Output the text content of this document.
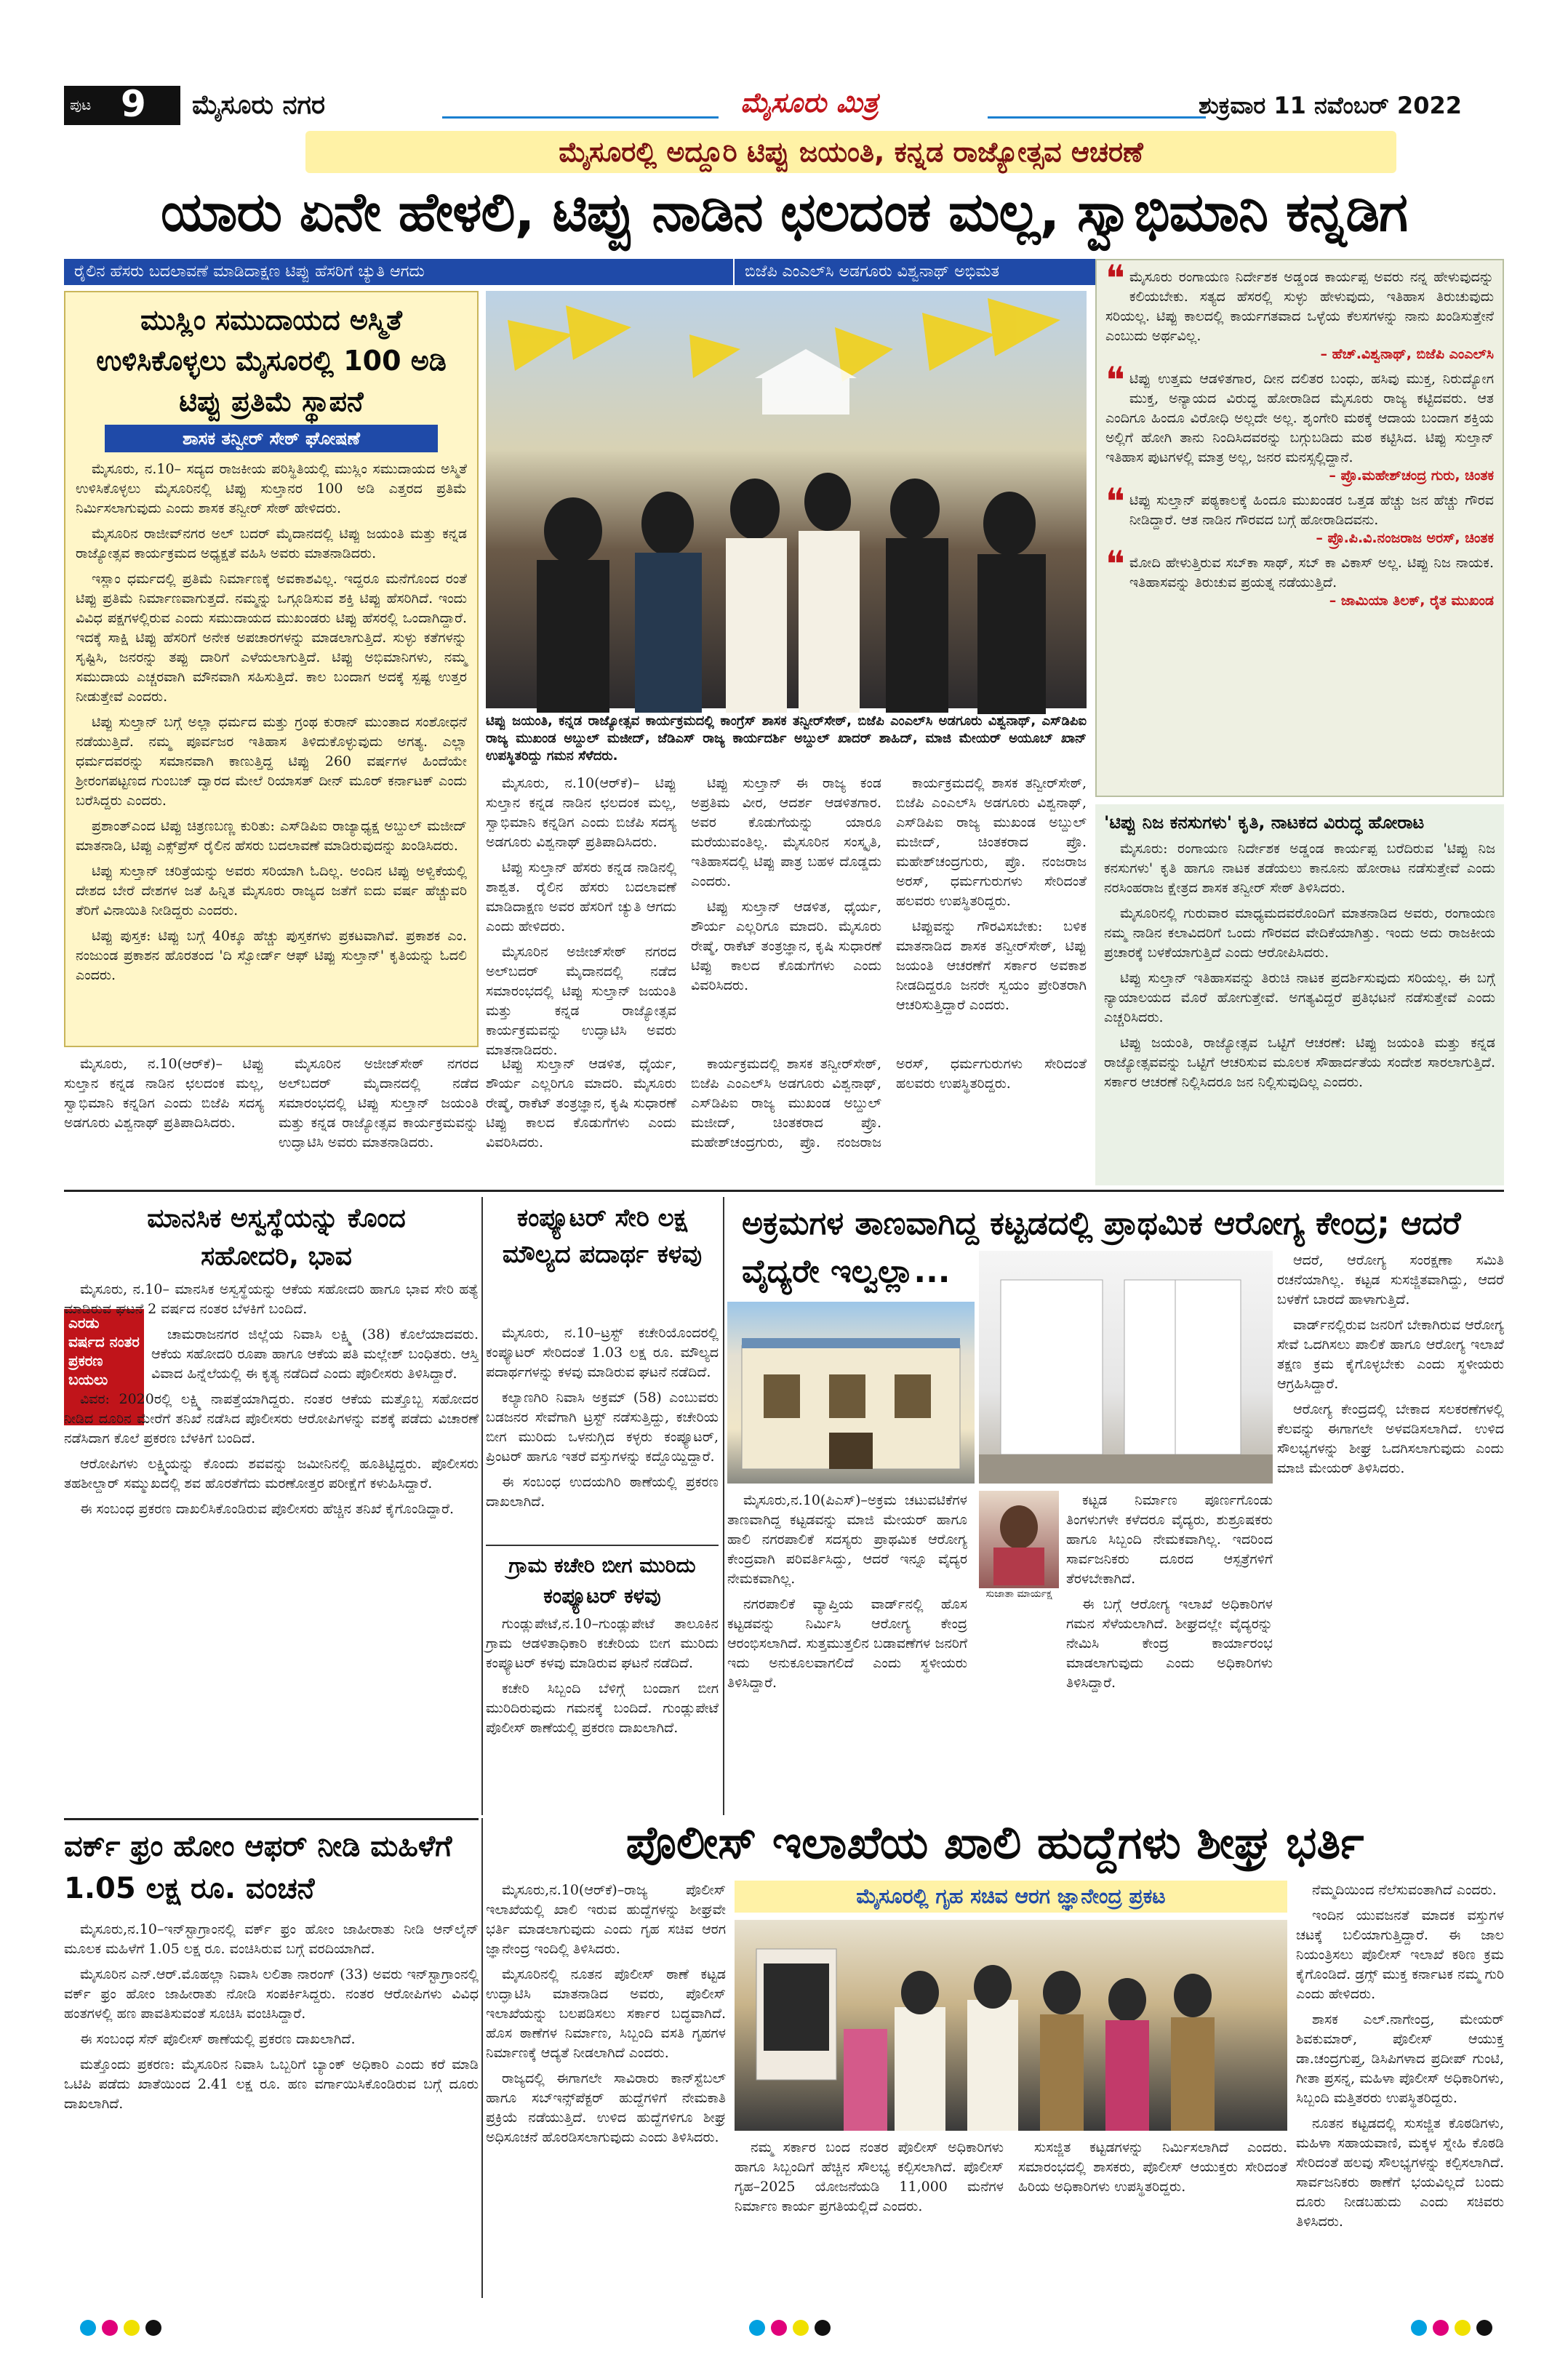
ಪುಟ 9 ಮೈಸೂರು ನಗರ	ಮೈಸೂರು ಮಿತ್ರ	ಶುಕ್ರವಾರ 11 ನವೆಂಬರ್ 2022
ಮೈಸೂರಲ್ಲಿ ಅದ್ದೂರಿ ಟಿಪ್ಪು ಜಯಂತಿ, ಕನ್ನಡ ರಾಜ್ಯೋತ್ಸವ ಆಚರಣೆ
ಯಾರು ಏನೇ ಹೇಳಲಿ, ಟಿಪ್ಪು ನಾಡಿನ ಛಲದಂಕ ಮಲ್ಲ, ಸ್ವಾಭಿಮಾನಿ ಕನ್ನಡಿಗ
ರೈಲಿನ ಹೆಸರು ಬದಲಾವಣೆ ಮಾಡಿದಾಕ್ಷಣ ಟಿಪ್ಪು ಹೆಸರಿಗೆ ಚ್ಯುತಿ ಆಗದು	ಬಿಜೆಪಿ ಎಂಎಲ್‌ಸಿ ಅಡಗೂರು ವಿಶ್ವನಾಥ್ ಅಭಿಮತ
ಮುಸ್ಲಿಂ ಸಮುದಾಯದ ಅಸ್ಮಿತೆ ಉಳಿಸಿಕೊಳ್ಳಲು ಮೈಸೂರಲ್ಲಿ 100 ಅಡಿ ಟಿಪ್ಪು ಪ್ರತಿಮೆ ಸ್ಥಾಪನೆ
ಶಾಸಕ ತನ್ವೀರ್ ಸೇಠ್ ಘೋಷಣೆ

ಮೈಸೂರು, ನ.10– ಸದ್ಯದ ರಾಜಕೀಯ ಪರಿಸ್ಥಿತಿಯಲ್ಲಿ ಮುಸ್ಲಿಂ ಸಮುದಾಯದ ಅಸ್ಮಿತೆ ಉಳಿಸಿಕೊಳ್ಳಲು ಮೈಸೂರಿನಲ್ಲಿ ಟಿಪ್ಪು ಸುಲ್ತಾನರ 100 ಅಡಿ ಎತ್ತರದ ಪ್ರತಿಮೆ ನಿರ್ಮಿಸಲಾಗುವುದು ಎಂದು ಶಾಸಕ ತನ್ವೀರ್ ಸೇಠ್ ಹೇಳಿದರು.

ಮೈಸೂರಿನ ರಾಜೀವ್‌ನಗರ ಅಲ್ ಬದರ್ ಮೈದಾನದಲ್ಲಿ ಟಿಪ್ಪು ಜಯಂತಿ ಮತ್ತು ಕನ್ನಡ ರಾಜ್ಯೋತ್ಸವ ಕಾರ್ಯಕ್ರಮದ ಅಧ್ಯಕ್ಷತೆ ವಹಿಸಿ ಅವರು ಮಾತನಾಡಿದರು.

ಇಸ್ಲಾಂ ಧರ್ಮದಲ್ಲಿ ಪ್ರತಿಮೆ ನಿರ್ಮಾಣಕ್ಕೆ ಅವಕಾಶವಿಲ್ಲ. ಇದ್ದರೂ ಮನೆಗೊಂದ ರಂತೆ ಟಿಪ್ಪು ಪ್ರತಿಮೆ ನಿರ್ಮಾಣವಾಗುತ್ತದೆ. ನಮ್ಮನ್ನು ಒಗ್ಗೂಡಿಸುವ ಶಕ್ತಿ ಟಿಪ್ಪು ಹೆಸರಿಗಿದೆ. ಇಂದು ವಿವಿಧ ಪಕ್ಷಗಳಲ್ಲಿರುವ ಎಂದು ಸಮುದಾಯದ ಮುಖಂಡರು ಟಿಪ್ಪು ಹೆಸರಲ್ಲಿ ಒಂದಾಗಿದ್ದಾರೆ. ಇದಕ್ಕೆ ಸಾಕ್ಷಿ ಟಿಪ್ಪು ಹೆಸರಿಗೆ ಅನೇಕ ಅಪಚಾರಗಳನ್ನು ಮಾಡಲಾಗುತ್ತಿದೆ. ಸುಳ್ಳು ಕತೆಗಳನ್ನು ಸೃಷ್ಟಿಸಿ, ಜನರನ್ನು ತಪ್ಪು ದಾರಿಗೆ ಎಳೆಯಲಾಗುತ್ತಿದೆ. ಟಿಪ್ಪು ಅಭಿಮಾನಿಗಳು, ನಮ್ಮ ಸಮುದಾಯ ಎಚ್ಚರವಾಗಿ ಮೌನವಾಗಿ ಸಹಿಸುತ್ತಿದೆ. ಕಾಲ ಬಂದಾಗ ಅದಕ್ಕೆ ಸ್ಪಷ್ಟ ಉತ್ತರ ನೀಡುತ್ತೇವೆ ಎಂದರು.

ಟಿಪ್ಪು ಸುಲ್ತಾನ್ ಬಗ್ಗೆ ಅಲ್ಲಾ ಧರ್ಮದ ಮತ್ತು ಗ್ರಂಥ ಕುರಾನ್ ಮುಂತಾದ ಸಂಶೋಧನೆ ನಡೆಯುತ್ತಿದೆ. ನಮ್ಮ ಪೂರ್ವಜರ ಇತಿಹಾಸ ತಿಳಿದುಕೊಳ್ಳುವುದು ಅಗತ್ಯ. ಎಲ್ಲಾ ಧರ್ಮದವರನ್ನು ಸಮಾನವಾಗಿ ಕಾಣುತ್ತಿದ್ದ ಟಿಪ್ಪು 260 ವರ್ಷಗಳ ಹಿಂದೆಯೇ ಶ್ರೀರಂಗಪಟ್ಟಣದ ಗುಂಬಜ್ ದ್ವಾರದ ಮೇಲೆ ರಿಯಾಸತ್ ದೀನ್ ಮೂರ್ ಕರ್ನಾಟಕ್ ಎಂದು ಬರೆಸಿದ್ದರು ಎಂದರು.

ಪ್ರಶಾಂತ್‌ಎಂದ ಟಿಪ್ಪು ಚಿತ್ರಣಬಣ್ಣ ಕುರಿತು: ಎಸ್‌ಡಿಪಿಐ ರಾಜ್ಯಾಧ್ಯಕ್ಷ ಅಬ್ದುಲ್ ಮಜೀದ್ ಮಾತನಾಡಿ, ಟಿಪ್ಪು ಎಕ್ಸ್‌ಪ್ರೆಸ್ ರೈಲಿನ ಹೆಸರು ಬದಲಾವಣೆ ಮಾಡಿರುವುದನ್ನು ಖಂಡಿಸಿದರು.

ಟಿಪ್ಪು ಸುಲ್ತಾನ್ ಚರಿತ್ರೆಯನ್ನು ಅವರು ಸರಿಯಾಗಿ ಓದಿಲ್ಲ. ಅಂದಿನ ಟಿಪ್ಪು ಅಳ್ವಿಕೆಯಲ್ಲಿ ದೇಶದ ಬೇರೆ ದೇಶಗಳ ಜತೆ ಹಿನ್ನಿತ ಮೈಸೂರು ರಾಜ್ಯದ ಜತೆಗೆ ಐದು ವರ್ಷ ಹೆಚ್ಚುವರಿ ತೆರಿಗೆ ವಿನಾಯಿತಿ ನೀಡಿದ್ದರು ಎಂದರು.

ಟಿಪ್ಪು ಪುಸ್ತಕ: ಟಿಪ್ಪು ಬಗ್ಗೆ 40ಕ್ಕೂ ಹೆಚ್ಚು ಪುಸ್ತಕಗಳು ಪ್ರಕಟವಾಗಿವೆ. ಪ್ರಕಾಶಕ ಎಂ. ನಂಜುಂಡ ಪ್ರಕಾಶನ ಹೊರತಂದ 'ದಿ ಸ್ವೋರ್ಡ್ ಆಫ್ ಟಿಪ್ಪು ಸುಲ್ತಾನ್' ಕೃತಿಯನ್ನು ಓದಲಿ ಎಂದರು.

ಟಿಪ್ಪು ಜಯಂತಿ, ಕನ್ನಡ ರಾಜ್ಯೋತ್ಸವ ಕಾರ್ಯಕ್ರಮದಲ್ಲಿ ಕಾಂಗ್ರೆಸ್ ಶಾಸಕ ತನ್ವೀರ್‌ಸೇಠ್, ಬಿಜೆಪಿ ಎಂಎಲ್‌ಸಿ ಅಡಗೂರು ವಿಶ್ವನಾಥ್, ಎಸ್‌ಡಿಪಿಐ ರಾಜ್ಯ ಮುಖಂಡ ಅಬ್ದುಲ್ ಮಜೀದ್, ಜೆಡಿಎಸ್ ರಾಜ್ಯ ಕಾರ್ಯದರ್ಶಿ ಅಬ್ದುಲ್ ಖಾದರ್ ಶಾಹಿದ್, ಮಾಜಿ ಮೇಯರ್ ಅಯೂಬ್ ಖಾನ್ ಉಪಸ್ಥಿತರಿದ್ದು ಗಮನ ಸೆಳೆದರು.

ಮೈಸೂರು, ನ.10(ಆರ್‌ಕೆ)– ಟಿಪ್ಪು ಸುಲ್ತಾನ ಕನ್ನಡ ನಾಡಿನ ಛಲದಂಕ ಮಲ್ಲ, ಸ್ವಾಭಿಮಾನಿ ಕನ್ನಡಿಗ ಎಂದು ಬಿಜೆಪಿ ಸದಸ್ಯ ಅಡಗೂರು ವಿಶ್ವನಾಥ್ ಪ್ರತಿಪಾದಿಸಿದರು.

ಟಿಪ್ಪು ಸುಲ್ತಾನ್ ಹೆಸರು ಕನ್ನಡ ನಾಡಿನಲ್ಲಿ ಶಾಶ್ವತ. ರೈಲಿನ ಹೆಸರು ಬದಲಾವಣೆ ಮಾಡಿದಾಕ್ಷಣ ಅವರ ಹೆಸರಿಗೆ ಚ್ಯುತಿ ಆಗದು ಎಂದು ಹೇಳಿದರು.

ಮೈಸೂರಿನ ಅಜೀಜ್‌ಸೇಠ್ ನಗರದ ಅಲ್‌ಬದರ್ ಮೈದಾನದಲ್ಲಿ ನಡೆದ ಸಮಾರಂಭದಲ್ಲಿ ಟಿಪ್ಪು ಸುಲ್ತಾನ್ ಜಯಂತಿ ಮತ್ತು ಕನ್ನಡ ರಾಜ್ಯೋತ್ಸವ ಕಾರ್ಯಕ್ರಮವನ್ನು ಉದ್ಘಾಟಿಸಿ ಅವರು ಮಾತನಾಡಿದರು.

ಟಿಪ್ಪು ಸುಲ್ತಾನ್ ಈ ರಾಜ್ಯ ಕಂಡ ಅಪ್ರತಿಮ ವೀರ, ಆದರ್ಶ ಆಡಳಿತಗಾರ. ಅವರ ಕೊಡುಗೆಯನ್ನು ಯಾರೂ ಮರೆಯುವಂತಿಲ್ಲ. ಮೈಸೂರಿನ ಸಂಸ್ಕೃತಿ, ಇತಿಹಾಸದಲ್ಲಿ ಟಿಪ್ಪು ಪಾತ್ರ ಬಹಳ ದೊಡ್ಡದು ಎಂದರು.

ಟಿಪ್ಪು ಸುಲ್ತಾನ್ ಆಡಳಿತ, ಧೈರ್ಯ, ಶೌರ್ಯ ಎಲ್ಲರಿಗೂ ಮಾದರಿ. ಮೈಸೂರು ರೇಷ್ಮೆ, ರಾಕೆಟ್ ತಂತ್ರಜ್ಞಾನ, ಕೃಷಿ ಸುಧಾರಣೆ ಟಿಪ್ಪು ಕಾಲದ ಕೊಡುಗೆಗಳು ಎಂದು ವಿವರಿಸಿದರು.

ಕಾರ್ಯಕ್ರಮದಲ್ಲಿ ಶಾಸಕ ತನ್ವೀರ್‌ಸೇಠ್, ಬಿಜೆಪಿ ಎಂಎಲ್‌ಸಿ ಅಡಗೂರು ವಿಶ್ವನಾಥ್, ಎಸ್‌ಡಿಪಿಐ ರಾಜ್ಯ ಮುಖಂಡ ಅಬ್ದುಲ್ ಮಜೀದ್, ಚಿಂತಕರಾದ ಪ್ರೊ. ಮಹೇಶ್‌ಚಂದ್ರಗುರು, ಪ್ರೊ. ನಂಜರಾಜ ಅರಸ್, ಧರ್ಮಗುರುಗಳು ಸೇರಿದಂತೆ ಹಲವರು ಉಪಸ್ಥಿತರಿದ್ದರು.

ಟಿಪ್ಪುವನ್ನು ಗೌರವಿಸಬೇಕು: ಬಳಿಕ ಮಾತನಾಡಿದ ಶಾಸಕ ತನ್ವೀರ್‌ಸೇಠ್, ಟಿಪ್ಪು ಜಯಂತಿ ಆಚರಣೆಗೆ ಸರ್ಕಾರ ಅವಕಾಶ ನೀಡದಿದ್ದರೂ ಜನರೇ ಸ್ವಯಂ ಪ್ರೇರಿತರಾಗಿ ಆಚರಿಸುತ್ತಿದ್ದಾರೆ ಎಂದರು.

ಮೈಸೂರು, ನ.10(ಆರ್‌ಕೆ)– ಟಿಪ್ಪು ಸುಲ್ತಾನ ಕನ್ನಡ ನಾಡಿನ ಛಲದಂಕ ಮಲ್ಲ, ಸ್ವಾಭಿಮಾನಿ ಕನ್ನಡಿಗ ಎಂದು ಬಿಜೆಪಿ ಸದಸ್ಯ ಅಡಗೂರು ವಿಶ್ವನಾಥ್ ಪ್ರತಿಪಾದಿಸಿದರು.

ಮೈಸೂರಿನ ಅಜೀಜ್‌ಸೇಠ್ ನಗರದ ಅಲ್‌ಬದರ್ ಮೈದಾನದಲ್ಲಿ ನಡೆದ ಸಮಾರಂಭದಲ್ಲಿ ಟಿಪ್ಪು ಸುಲ್ತಾನ್ ಜಯಂತಿ ಮತ್ತು ಕನ್ನಡ ರಾಜ್ಯೋತ್ಸವ ಕಾರ್ಯಕ್ರಮವನ್ನು ಉದ್ಘಾಟಿಸಿ ಅವರು ಮಾತನಾಡಿದರು.

ಟಿಪ್ಪು ಸುಲ್ತಾನ್ ಆಡಳಿತ, ಧೈರ್ಯ, ಶೌರ್ಯ ಎಲ್ಲರಿಗೂ ಮಾದರಿ. ಮೈಸೂರು ರೇಷ್ಮೆ, ರಾಕೆಟ್ ತಂತ್ರಜ್ಞಾನ, ಕೃಷಿ ಸುಧಾರಣೆ ಟಿಪ್ಪು ಕಾಲದ ಕೊಡುಗೆಗಳು ಎಂದು ವಿವರಿಸಿದರು.

ಕಾರ್ಯಕ್ರಮದಲ್ಲಿ ಶಾಸಕ ತನ್ವೀರ್‌ಸೇಠ್, ಬಿಜೆಪಿ ಎಂಎಲ್‌ಸಿ ಅಡಗೂರು ವಿಶ್ವನಾಥ್, ಎಸ್‌ಡಿಪಿಐ ರಾಜ್ಯ ಮುಖಂಡ ಅಬ್ದುಲ್ ಮಜೀದ್, ಚಿಂತಕರಾದ ಪ್ರೊ. ಮಹೇಶ್‌ಚಂದ್ರಗುರು, ಪ್ರೊ. ನಂಜರಾಜ ಅರಸ್, ಧರ್ಮಗುರುಗಳು ಸೇರಿದಂತೆ ಹಲವರು ಉಪಸ್ಥಿತರಿದ್ದರು.

❝ ಮೈಸೂರು ರಂಗಾಯಣ ನಿರ್ದೇಶಕ ಅಡ್ಡಂಡ ಕಾರ್ಯಪ್ಪ ಅವರು ನನ್ನ ಹೇಳುವುದನ್ನು ಕಲಿಯಬೇಕು. ಸತ್ಯದ ಹೆಸರಲ್ಲಿ ಸುಳ್ಳು ಹೇಳುವುದು, ಇತಿಹಾಸ ತಿರುಚುವುದು ಸರಿಯಲ್ಲ. ಟಿಪ್ಪು ಕಾಲದಲ್ಲಿ ಕಾರ್ಯಗತವಾದ ಒಳ್ಳೆಯ ಕೆಲಸಗಳನ್ನು ನಾನು ಖಂಡಿಸುತ್ತೇನೆ ಎಂಬುದು ಅರ್ಥವಿಲ್ಲ.

– ಹೆಚ್.ವಿಶ್ವನಾಥ್, ಬಿಜೆಪಿ ಎಂಎಲ್‌ಸಿ
❝ ಟಿಪ್ಪು ಉತ್ತಮ ಆಡಳಿತಗಾರ, ದೀನ ದಲಿತರ ಬಂಧು, ಹಸಿವು ಮುಕ್ತ, ನಿರುದ್ಯೋಗ ಮುಕ್ತ, ಅನ್ಯಾಯದ ವಿರುದ್ಧ ಹೋರಾಡಿದ ಮೈಸೂರು ರಾಜ್ಯ ಕಟ್ಟಿದವರು. ಆತ ಎಂದಿಗೂ ಹಿಂದೂ ವಿರೋಧಿ ಅಲ್ಲದೇ ಅಲ್ಲ. ಶೃಂಗೇರಿ ಮಠಕ್ಕೆ ಆದಾಯ ಬಂದಾಗ ಶಕ್ತಿಯ ಅಲ್ಲಿಗೆ ಹೋಗಿ ತಾನು ನಿಂದಿಸಿದವರನ್ನು ಬಗ್ಗುಬಡಿದು ಮಠ ಕಟ್ಟಿಸಿದ. ಟಿಪ್ಪು ಸುಲ್ತಾನ್ ಇತಿಹಾಸ ಪುಟಗಳಲ್ಲಿ ಮಾತ್ರ ಅಲ್ಲ, ಜನರ ಮನಸ್ಸಲ್ಲಿದ್ದಾನೆ.

– ಪ್ರೊ.ಮಹೇಶ್‌ಚಂದ್ರ ಗುರು, ಚಿಂತಕ
❝ ಟಿಪ್ಪು ಸುಲ್ತಾನ್ ಪಠ್ಯಕಾಲಕ್ಕೆ ಹಿಂದೂ ಮುಖಂಡರ ಒತ್ತಡ ಹೆಚ್ಚು ಜನ ಹೆಚ್ಚು ಗೌರವ ನೀಡಿದ್ದಾರೆ. ಆತ ನಾಡಿನ ಗೌರವದ ಬಗ್ಗೆ ಹೋರಾಡಿದವನು.

– ಪ್ರೊ.ಪಿ.ವಿ.ನಂಜರಾಜ ಅರಸ್, ಚಿಂತಕ
❝ ಮೋದಿ ಹೇಳುತ್ತಿರುವ ಸಬ್‌ಕಾ ಸಾಥ್, ಸಬ್ ಕಾ ವಿಕಾಸ್ ಅಲ್ಲ. ಟಿಪ್ಪು ನಿಜ ನಾಯಕ. ಇತಿಹಾಸವನ್ನು ತಿರುಚುವ ಪ್ರಯತ್ನ ನಡೆಯುತ್ತಿದೆ.

– ಜಾಮಿಯಾ ತಿಲಕ್, ರೈತ ಮುಖಂಡ
'ಟಿಪ್ಪು ನಿಜ ಕನಸುಗಳು' ಕೃತಿ, ನಾಟಕದ ವಿರುದ್ಧ ಹೋರಾಟ

ಮೈಸೂರು: ರಂಗಾಯಣ ನಿರ್ದೇಶಕ ಅಡ್ಡಂಡ ಕಾರ್ಯಪ್ಪ ಬರೆದಿರುವ 'ಟಿಪ್ಪು ನಿಜ ಕನಸುಗಳು' ಕೃತಿ ಹಾಗೂ ನಾಟಕ ತಡೆಯಲು ಕಾನೂನು ಹೋರಾಟ ನಡೆಸುತ್ತೇವೆ ಎಂದು ನರಸಿಂಹರಾಜ ಕ್ಷೇತ್ರದ ಶಾಸಕ ತನ್ವೀರ್ ಸೇಠ್ ತಿಳಿಸಿದರು.

ಮೈಸೂರಿನಲ್ಲಿ ಗುರುವಾರ ಮಾಧ್ಯಮದವರೊಂದಿಗೆ ಮಾತನಾಡಿದ ಅವರು, ರಂಗಾಯಣ ನಮ್ಮ ನಾಡಿನ ಕಲಾವಿದರಿಗೆ ಒಂದು ಗೌರವದ ವೇದಿಕೆಯಾಗಿತ್ತು. ಇಂದು ಅದು ರಾಜಕೀಯ ಪ್ರಚಾರಕ್ಕೆ ಬಳಕೆಯಾಗುತ್ತಿದೆ ಎಂದು ಆರೋಪಿಸಿದರು.

ಟಿಪ್ಪು ಸುಲ್ತಾನ್ ಇತಿಹಾಸವನ್ನು ತಿರುಚಿ ನಾಟಕ ಪ್ರದರ್ಶಿಸುವುದು ಸರಿಯಲ್ಲ. ಈ ಬಗ್ಗೆ ನ್ಯಾಯಾಲಯದ ಮೊರೆ ಹೋಗುತ್ತೇವೆ. ಅಗತ್ಯವಿದ್ದರೆ ಪ್ರತಿಭಟನೆ ನಡೆಸುತ್ತೇವೆ ಎಂದು ಎಚ್ಚರಿಸಿದರು.

ಟಿಪ್ಪು ಜಯಂತಿ, ರಾಜ್ಯೋತ್ಸವ ಒಟ್ಟಿಗೆ ಆಚರಣೆ: ಟಿಪ್ಪು ಜಯಂತಿ ಮತ್ತು ಕನ್ನಡ ರಾಜ್ಯೋತ್ಸವವನ್ನು ಒಟ್ಟಿಗೆ ಆಚರಿಸುವ ಮೂಲಕ ಸೌಹಾರ್ದತೆಯ ಸಂದೇಶ ಸಾರಲಾಗುತ್ತಿದೆ. ಸರ್ಕಾರ ಆಚರಣೆ ನಿಲ್ಲಿಸಿದರೂ ಜನ ನಿಲ್ಲಿಸುವುದಿಲ್ಲ ಎಂದರು.

ಮಾನಸಿಕ ಅಸ್ವಸ್ಥೆಯನ್ನು ಕೊಂದ ಸಹೋದರಿ, ಭಾವ
ಎರಡು ವರ್ಷದ ನಂತರ ಪ್ರಕರಣ ಬಯಲು

ಮೈಸೂರು, ನ.10– ಮಾನಸಿಕ ಅಸ್ವಸ್ಥೆಯನ್ನು ಆಕೆಯ ಸಹೋದರಿ ಹಾಗೂ ಭಾವ ಸೇರಿ ಹತ್ಯೆ ಮಾಡಿರುವ ಘಟನೆ 2 ವರ್ಷದ ನಂತರ ಬೆಳಕಿಗೆ ಬಂದಿದೆ.

ಚಾಮರಾಜನಗರ ಜಿಲ್ಲೆಯ ನಿವಾಸಿ ಲಕ್ಷ್ಮಿ (38) ಕೊಲೆಯಾದವರು. ಆಕೆಯ ಸಹೋದರಿ ರೂಪಾ ಹಾಗೂ ಆಕೆಯ ಪತಿ ಮಲ್ಲೇಶ್ ಬಂಧಿತರು. ಆಸ್ತಿ ವಿವಾದ ಹಿನ್ನೆಲೆಯಲ್ಲಿ ಈ ಕೃತ್ಯ ನಡೆದಿದೆ ಎಂದು ಪೊಲೀಸರು ತಿಳಿಸಿದ್ದಾರೆ.

ವಿವರ: 2020ರಲ್ಲಿ ಲಕ್ಷ್ಮಿ ನಾಪತ್ತೆಯಾಗಿದ್ದರು. ನಂತರ ಆಕೆಯ ಮತ್ತೊಬ್ಬ ಸಹೋದರ ನೀಡಿದ ದೂರಿನ ಮೇರೆಗೆ ತನಿಖೆ ನಡೆಸಿದ ಪೊಲೀಸರು ಆರೋಪಿಗಳನ್ನು ವಶಕ್ಕೆ ಪಡೆದು ವಿಚಾರಣೆ ನಡೆಸಿದಾಗ ಕೊಲೆ ಪ್ರಕರಣ ಬೆಳಕಿಗೆ ಬಂದಿದೆ.

ಆರೋಪಿಗಳು ಲಕ್ಷ್ಮಿಯನ್ನು ಕೊಂದು ಶವವನ್ನು ಜಮೀನಿನಲ್ಲಿ ಹೂತಿಟ್ಟಿದ್ದರು. ಪೊಲೀಸರು ತಹಶೀಲ್ದಾರ್ ಸಮ್ಮುಖದಲ್ಲಿ ಶವ ಹೊರತೆಗೆದು ಮರಣೋತ್ತರ ಪರೀಕ್ಷೆಗೆ ಕಳುಹಿಸಿದ್ದಾರೆ.

ಈ ಸಂಬಂಧ ಪ್ರಕರಣ ದಾಖಲಿಸಿಕೊಂಡಿರುವ ಪೊಲೀಸರು ಹೆಚ್ಚಿನ ತನಿಖೆ ಕೈಗೊಂಡಿದ್ದಾರೆ.

ಕಂಪ್ಯೂಟರ್ ಸೇರಿ ಲಕ್ಷ ಮೌಲ್ಯದ ಪದಾರ್ಥ ಕಳವು

ಮೈಸೂರು, ನ.10–ಟ್ರಸ್ಟ್ ಕಚೇರಿಯೊಂದರಲ್ಲಿ ಕಂಪ್ಯೂಟರ್ ಸೇರಿದಂತೆ 1.03 ಲಕ್ಷ ರೂ. ಮೌಲ್ಯದ ಪದಾರ್ಥಗಳನ್ನು ಕಳವು ಮಾಡಿರುವ ಘಟನೆ ನಡೆದಿದೆ.

ಕಲ್ಯಾಣಗಿರಿ ನಿವಾಸಿ ಅಕ್ರಮ್ (58) ಎಂಬುವರು ಬಡಜನರ ಸೇವೆಗಾಗಿ ಟ್ರಸ್ಟ್ ನಡೆಸುತ್ತಿದ್ದು, ಕಚೇರಿಯ ಬೀಗ ಮುರಿದು ಒಳನುಗ್ಗಿದ ಕಳ್ಳರು ಕಂಪ್ಯೂಟರ್, ಪ್ರಿಂಟರ್ ಹಾಗೂ ಇತರೆ ವಸ್ತುಗಳನ್ನು ಕದ್ದೊಯ್ದಿದ್ದಾರೆ.

ಈ ಸಂಬಂಧ ಉದಯಗಿರಿ ಠಾಣೆಯಲ್ಲಿ ಪ್ರಕರಣ ದಾಖಲಾಗಿದೆ.

ಗ್ರಾಮ ಕಚೇರಿ ಬೀಗ ಮುರಿದು ಕಂಪ್ಯೂಟರ್ ಕಳವು

ಗುಂಡ್ಲುಪೇಟೆ,ನ.10–ಗುಂಡ್ಲುಪೇಟೆ ತಾಲೂಕಿನ ಗ್ರಾಮ ಆಡಳಿತಾಧಿಕಾರಿ ಕಚೇರಿಯ ಬೀಗ ಮುರಿದು ಕಂಪ್ಯೂಟರ್ ಕಳವು ಮಾಡಿರುವ ಘಟನೆ ನಡೆದಿದೆ.

ಕಚೇರಿ ಸಿಬ್ಬಂದಿ ಬೆಳಿಗ್ಗೆ ಬಂದಾಗ ಬೀಗ ಮುರಿದಿರುವುದು ಗಮನಕ್ಕೆ ಬಂದಿದೆ. ಗುಂಡ್ಲುಪೇಟೆ ಪೊಲೀಸ್ ಠಾಣೆಯಲ್ಲಿ ಪ್ರಕರಣ ದಾಖಲಾಗಿದೆ.

ಅಕ್ರಮಗಳ ತಾಣವಾಗಿದ್ದ ಕಟ್ಟಡದಲ್ಲಿ ಪ್ರಾಥಮಿಕ ಆರೋಗ್ಯ ಕೇಂದ್ರ; ಆದರೆ ವೈದ್ಯರೇ ಇಲ್ವಲ್ಲಾ...	ಆದರೆ, ಆರೋಗ್ಯ ಸಂರಕ್ಷಣಾ ಸಮಿತಿ ರಚನೆಯಾಗಿಲ್ಲ. ಕಟ್ಟಡ ಸುಸಜ್ಜಿತವಾಗಿದ್ದು, ಆದರೆ ಬಳಕೆಗೆ ಬಾರದೆ ಹಾಳಾಗುತ್ತಿದೆ.

ವಾರ್ಡ್‌ನಲ್ಲಿರುವ ಜನರಿಗೆ ಬೇಕಾಗಿರುವ ಆರೋಗ್ಯ ಸೇವೆ ಒದಗಿಸಲು ಪಾಲಿಕೆ ಹಾಗೂ ಆರೋಗ್ಯ ಇಲಾಖೆ ತಕ್ಷಣ ಕ್ರಮ ಕೈಗೊಳ್ಳಬೇಕು ಎಂದು ಸ್ಥಳೀಯರು ಆಗ್ರಹಿಸಿದ್ದಾರೆ.

ಆರೋಗ್ಯ ಕೇಂದ್ರದಲ್ಲಿ ಬೇಕಾದ ಸಲಕರಣೆಗಳಲ್ಲಿ ಕೆಲವನ್ನು ಈಗಾಗಲೇ ಅಳವಡಿಸಲಾಗಿದೆ. ಉಳಿದ ಸೌಲಭ್ಯಗಳನ್ನು ಶೀಘ್ರ ಒದಗಿಸಲಾಗುವುದು ಎಂದು ಮಾಜಿ ಮೇಯರ್ ತಿಳಿಸಿದರು.

ಮೈಸೂರು,ನ.10(ಪಿಎಸ್‌)–ಅಕ್ರಮ ಚಟುವಟಿಕೆಗಳ ತಾಣವಾಗಿದ್ದ ಕಟ್ಟಡವನ್ನು ಮಾಜಿ ಮೇಯರ್ ಹಾಗೂ ಹಾಲಿ ನಗರಪಾಲಿಕೆ ಸದಸ್ಯರು ಪ್ರಾಥಮಿಕ ಆರೋಗ್ಯ ಕೇಂದ್ರವಾಗಿ ಪರಿವರ್ತಿಸಿದ್ದು, ಆದರೆ ಇನ್ನೂ ವೈದ್ಯರ ನೇಮಕವಾಗಿಲ್ಲ.

ನಗರಪಾಲಿಕೆ ವ್ಯಾಪ್ತಿಯ ವಾರ್ಡ್‌ನಲ್ಲಿ ಹೊಸ ಕಟ್ಟಡವನ್ನು ನಿರ್ಮಿಸಿ ಆರೋಗ್ಯ ಕೇಂದ್ರ ಆರಂಭಿಸಲಾಗಿದೆ. ಸುತ್ತಮುತ್ತಲಿನ ಬಡಾವಣೆಗಳ ಜನರಿಗೆ ಇದು ಅನುಕೂಲವಾಗಲಿದೆ ಎಂದು ಸ್ಥಳೀಯರು ತಿಳಿಸಿದ್ದಾರೆ.

ಸುಜಾತಾ ಮಾರ್ಯಕ್ಷ

ಕಟ್ಟಡ ನಿರ್ಮಾಣ ಪೂರ್ಣಗೊಂಡು ತಿಂಗಳುಗಳೇ ಕಳೆದರೂ ವೈದ್ಯರು, ಶುಶ್ರೂಷಕರು ಹಾಗೂ ಸಿಬ್ಬಂದಿ ನೇಮಕವಾಗಿಲ್ಲ. ಇದರಿಂದ ಸಾರ್ವಜನಿಕರು ದೂರದ ಆಸ್ಪತ್ರೆಗಳಿಗೆ ತೆರಳಬೇಕಾಗಿದೆ.

ಈ ಬಗ್ಗೆ ಆರೋಗ್ಯ ಇಲಾಖೆ ಅಧಿಕಾರಿಗಳ ಗಮನ ಸೆಳೆಯಲಾಗಿದೆ. ಶೀಘ್ರದಲ್ಲೇ ವೈದ್ಯರನ್ನು ನೇಮಿಸಿ ಕೇಂದ್ರ ಕಾರ್ಯಾರಂಭ ಮಾಡಲಾಗುವುದು ಎಂದು ಅಧಿಕಾರಿಗಳು ತಿಳಿಸಿದ್ದಾರೆ.

ವರ್ಕ್ ಫ್ರಂ ಹೋಂ ಆಫರ್ ನೀಡಿ ಮಹಿಳೆಗೆ 1.05 ಲಕ್ಷ ರೂ. ವಂಚನೆ

ಮೈಸೂರು,ನ.10–ಇನ್‌ಸ್ಟಾಗ್ರಾಂನಲ್ಲಿ ವರ್ಕ್ ಫ್ರಂ ಹೋಂ ಜಾಹೀರಾತು ನೀಡಿ ಆನ್‌ಲೈನ್ ಮೂಲಕ ಮಹಿಳೆಗೆ 1.05 ಲಕ್ಷ ರೂ. ವಂಚಿಸಿರುವ ಬಗ್ಗೆ ವರದಿಯಾಗಿದೆ.

ಮೈಸೂರಿನ ಎನ್.ಆರ್.ಮೊಹಲ್ಲಾ ನಿವಾಸಿ ಲಲಿತಾ ನಾರಂಗ್ (33) ಅವರು ಇನ್‌ಸ್ಟಾಗ್ರಾಂನಲ್ಲಿ ವರ್ಕ್ ಫ್ರಂ ಹೋಂ ಜಾಹೀರಾತು ನೋಡಿ ಸಂಪರ್ಕಿಸಿದ್ದರು. ನಂತರ ಆರೋಪಿಗಳು ವಿವಿಧ ಹಂತಗಳಲ್ಲಿ ಹಣ ಪಾವತಿಸುವಂತೆ ಸೂಚಿಸಿ ವಂಚಿಸಿದ್ದಾರೆ.

ಈ ಸಂಬಂಧ ಸೆನ್ ಪೊಲೀಸ್ ಠಾಣೆಯಲ್ಲಿ ಪ್ರಕರಣ ದಾಖಲಾಗಿದೆ.

ಮತ್ತೊಂದು ಪ್ರಕರಣ: ಮೈಸೂರಿನ ನಿವಾಸಿ ಒಬ್ಬರಿಗೆ ಬ್ಯಾಂಕ್ ಅಧಿಕಾರಿ ಎಂದು ಕರೆ ಮಾಡಿ ಒಟಿಪಿ ಪಡೆದು ಖಾತೆಯಿಂದ 2.41 ಲಕ್ಷ ರೂ. ಹಣ ವರ್ಗಾಯಿಸಿಕೊಂಡಿರುವ ಬಗ್ಗೆ ದೂರು ದಾಖಲಾಗಿದೆ.

ಪೊಲೀಸ್ ಇಲಾಖೆಯ ಖಾಲಿ ಹುದ್ದೆಗಳು ಶೀಘ್ರ ಭರ್ತಿ
ಮೈಸೂರಲ್ಲಿ ಗೃಹ ಸಚಿವ ಆರಗ ಜ್ಞಾನೇಂದ್ರ ಪ್ರಕಟ

ಮೈಸೂರು,ನ.10(ಆರ್‌ಕೆ)–ರಾಜ್ಯ ಪೊಲೀಸ್ ಇಲಾಖೆಯಲ್ಲಿ ಖಾಲಿ ಇರುವ ಹುದ್ದೆಗಳನ್ನು ಶೀಘ್ರವೇ ಭರ್ತಿ ಮಾಡಲಾಗುವುದು ಎಂದು ಗೃಹ ಸಚಿವ ಆರಗ ಜ್ಞಾನೇಂದ್ರ ಇಂದಿಲ್ಲಿ ತಿಳಿಸಿದರು.

ಮೈಸೂರಿನಲ್ಲಿ ನೂತನ ಪೊಲೀಸ್ ಠಾಣೆ ಕಟ್ಟಡ ಉದ್ಘಾಟಿಸಿ ಮಾತನಾಡಿದ ಅವರು, ಪೊಲೀಸ್ ಇಲಾಖೆಯನ್ನು ಬಲಪಡಿಸಲು ಸರ್ಕಾರ ಬದ್ಧವಾಗಿದೆ. ಹೊಸ ಠಾಣೆಗಳ ನಿರ್ಮಾಣ, ಸಿಬ್ಬಂದಿ ವಸತಿ ಗೃಹಗಳ ನಿರ್ಮಾಣಕ್ಕೆ ಆದ್ಯತೆ ನೀಡಲಾಗಿದೆ ಎಂದರು.

ರಾಜ್ಯದಲ್ಲಿ ಈಗಾಗಲೇ ಸಾವಿರಾರು ಕಾನ್‌ಸ್ಟೆಬಲ್ ಹಾಗೂ ಸಬ್‌ಇನ್ಸ್‌ಪೆಕ್ಟರ್ ಹುದ್ದೆಗಳಿಗೆ ನೇಮಕಾತಿ ಪ್ರಕ್ರಿಯೆ ನಡೆಯುತ್ತಿದೆ. ಉಳಿದ ಹುದ್ದೆಗಳಿಗೂ ಶೀಘ್ರ ಅಧಿಸೂಚನೆ ಹೊರಡಿಸಲಾಗುವುದು ಎಂದು ತಿಳಿಸಿದರು.

ನಮ್ಮ ಸರ್ಕಾರ ಬಂದ ನಂತರ ಪೊಲೀಸ್ ಅಧಿಕಾರಿಗಳು ಹಾಗೂ ಸಿಬ್ಬಂದಿಗೆ ಹೆಚ್ಚಿನ ಸೌಲಭ್ಯ ಕಲ್ಪಿಸಲಾಗಿದೆ. ಪೊಲೀಸ್ ಗೃಹ–2025 ಯೋಜನೆಯಡಿ 11,000 ಮನೆಗಳ ನಿರ್ಮಾಣ ಕಾರ್ಯ ಪ್ರಗತಿಯಲ್ಲಿದೆ ಎಂದರು.

ಸುಸಜ್ಜಿತ ಕಟ್ಟಡಗಳನ್ನು ನಿರ್ಮಿಸಲಾಗಿದೆ ಎಂದರು. ಸಮಾರಂಭದಲ್ಲಿ ಶಾಸಕರು, ಪೊಲೀಸ್ ಆಯುಕ್ತರು ಸೇರಿದಂತೆ ಹಿರಿಯ ಅಧಿಕಾರಿಗಳು ಉಪಸ್ಥಿತರಿದ್ದರು.

ನೆಮ್ಮದಿಯಿಂದ ನೆಲೆಸುವಂತಾಗಿದೆ ಎಂದರು.

ಇಂದಿನ ಯುವಜನತೆ ಮಾದಕ ವಸ್ತುಗಳ ಚಟಕ್ಕೆ ಬಲಿಯಾಗುತ್ತಿದ್ದಾರೆ. ಈ ಜಾಲ ನಿಯಂತ್ರಿಸಲು ಪೊಲೀಸ್ ಇಲಾಖೆ ಕಠಿಣ ಕ್ರಮ ಕೈಗೊಂಡಿದೆ. ಡ್ರಗ್ಸ್ ಮುಕ್ತ ಕರ್ನಾಟಕ ನಮ್ಮ ಗುರಿ ಎಂದು ಹೇಳಿದರು.

ಶಾಸಕ ಎಲ್.ನಾಗೇಂದ್ರ, ಮೇಯರ್ ಶಿವಕುಮಾರ್, ಪೊಲೀಸ್ ಆಯುಕ್ತ ಡಾ.ಚಂದ್ರಗುಪ್ತ, ಡಿಸಿಪಿಗಳಾದ ಪ್ರದೀಪ್ ಗುಂಟಿ, ಗೀತಾ ಪ್ರಸನ್ನ, ಮಹಿಳಾ ಪೊಲೀಸ್ ಅಧಿಕಾರಿಗಳು, ಸಿಬ್ಬಂದಿ ಮತ್ತಿತರರು ಉಪಸ್ಥಿತರಿದ್ದರು.

ನೂತನ ಕಟ್ಟಡದಲ್ಲಿ ಸುಸಜ್ಜಿತ ಕೊಠಡಿಗಳು, ಮಹಿಳಾ ಸಹಾಯವಾಣಿ, ಮಕ್ಕಳ ಸ್ನೇಹಿ ಕೊಠಡಿ ಸೇರಿದಂತೆ ಹಲವು ಸೌಲಭ್ಯಗಳನ್ನು ಕಲ್ಪಿಸಲಾಗಿದೆ. ಸಾರ್ವಜನಿಕರು ಠಾಣೆಗೆ ಭಯವಿಲ್ಲದೆ ಬಂದು ದೂರು ನೀಡಬಹುದು ಎಂದು ಸಚಿವರು ತಿಳಿಸಿದರು.
